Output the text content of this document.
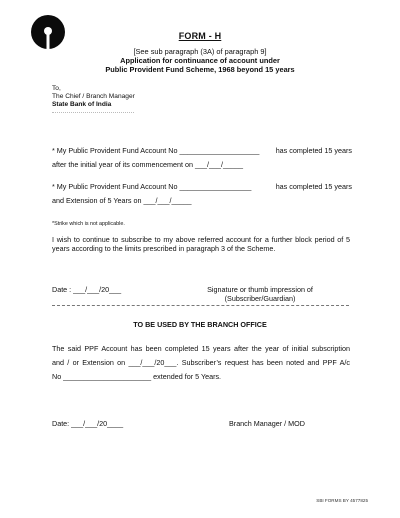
FORM - H
[See sub paragraph (3A) of paragraph 9]
Application for continuance of account under
Public Provident Fund Scheme, 1968 beyond 15 years
To,
The Chief / Branch Manager
State Bank of India
* My Public Provident Fund Account No ____________________ has completed 15 years
after the initial year of its commencement on ___/___/_____
* My Public Provident Fund Account No __________________	has completed 15 years
and Extension of 5 Years on ___/___/_____
*Strike which is not applicable.
I wish to continue to subscribe to my above referred account for a further block period of 5
years according to the limits prescribed in paragraph 3 of the Scheme.
Date : ___/___/20___	Signature or thumb impression of
(Subscriber/Guardian)
TO BE USED BY THE BRANCH OFFICE
The said PPF Account has been completed 15 years after the year of initial subscription
and / or Extension on ___/___/20___. Subscriber’s request has been noted and PPF A/c
No ______________________ extended for 5 Years.
Date: ___/___/20____	Branch Manager / MOD
SBI FORMS BY 4577825
